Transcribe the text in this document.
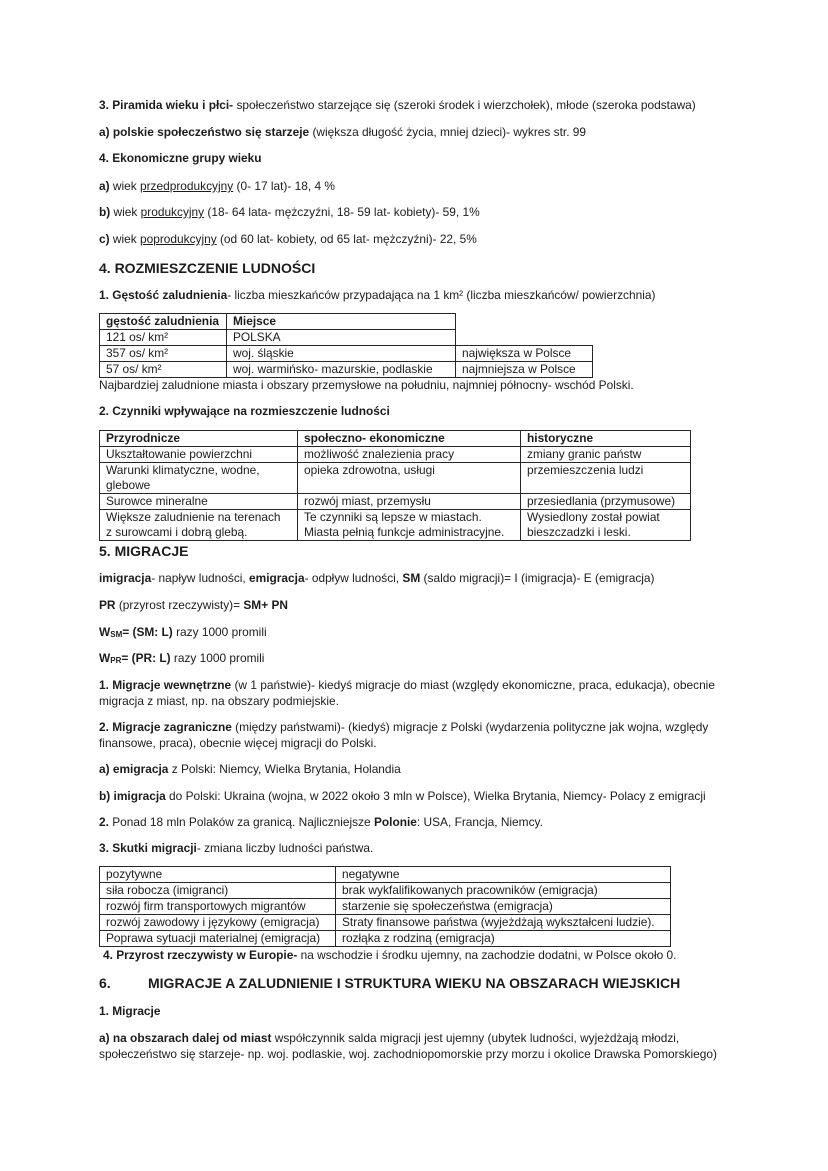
3. Piramida wieku i płci- społeczeństwo starzejące się (szeroki środek i wierzchołek), młode (szeroka podstawa)

a) polskie społeczeństwo się starzeje (większa długość życia, mniej dzieci)- wykres str. 99

4. Ekonomiczne grupy wieku

a) wiek przedprodukcyjny (0- 17 lat)- 18, 4 %

b) wiek produkcyjny (18- 64 lata- mężczyźni, 18- 59 lat- kobiety)- 59, 1%

c) wiek poprodukcyjny (od 60 lat- kobiety, od 65 lat- mężczyźni)- 22, 5%

4. ROZMIESZCZENIE LUDNOŚCI

1. Gęstość zaludnienia- liczba mieszkańców przypadająca na 1 km² (liczba mieszkańców/ powierzchnia)

gęstość zaludnienia	Miejsce	
121 os/ km²	POLSKA	
357 os/ km²	woj. śląskie	największa w Polsce
57 os/ km²	woj. warmińsko- mazurskie, podlaskie	najmniejsza w Polsce

Najbardziej zaludnione miasta i obszary przemysłowe na południu, najmniej północny- wschód Polski.

2. Czynniki wpływające na rozmieszczenie ludności

Przyrodnicze	społeczno- ekonomiczne	historyczne
Ukształtowanie powierzchni	możliwość znalezienia pracy	zmiany granic państw
Warunki klimatyczne, wodne, glebowe	opieka zdrowotna, usługi	przemieszczenia ludzi
Surowce mineralne	rozwój miast, przemysłu	przesiedlania (przymusowe)
Większe zaludnienie na terenach z surowcami i dobrą glebą.	Te czynniki są lepsze w miastach. Miasta pełnią funkcje administracyjne.	Wysiedlony został powiat bieszczadzki i leski.
5. MIGRACJE

imigracja- napływ ludności, emigracja- odpływ ludności, SM (saldo migracji)= I (imigracja)- E (emigracja)

PR (przyrost rzeczywisty)= SM+ PN

$W_{SM}= (SM$: L) razy 1000 promili

$W_{PR}= (PR$: L) razy 1000 promili

1. Migracje wewnętrzne (w 1 państwie)- kiedyś migracje do miast (względy ekonomiczne, praca, edukacja), obecnie migracja z miast, np. na obszary podmiejskie.

2. Migracje zagraniczne (między państwami)- (kiedyś) migracje z Polski (wydarzenia polityczne jak wojna, względy finansowe, praca), obecnie więcej migracji do Polski.

a) emigracja z Polski: Niemcy, Wielka Brytania, Holandia

b) imigracja do Polski: Ukraina (wojna, w 2022 około 3 mln w Polsce), Wielka Brytania, Niemcy- Polacy z emigracji

2. Ponad 18 mln Polaków za granicą. Najliczniejsze Polonie: USA, Francja, Niemcy.

3. Skutki migracji- zmiana liczby ludności państwa.

pozytywne	negatywne
siła robocza (imigranci)	brak wykfalifikowanych pracowników (emigracja)
rozwój firm transportowych migrantów	starzenie się społeczeństwa (emigracja)
rozwój zawodowy i językowy (emigracja)	Straty finansowe państwa (wyjeżdżają wykształceni ludzie).
Poprawa sytuacji materialnej (emigracja)	rozłąka z rodziną (emigracja)

4. Przyrost rzeczywisty w Europie- na wschodzie i środku ujemny, na zachodzie dodatni, w Polsce około 0.

6.	MIGRACJE A ZALUDNIENIE I STRUKTURA WIEKU NA OBSZARACH WIEJSKICH

1. Migracje

a) na obszarach dalej od miast współczynnik salda migracji jest ujemny (ubytek ludności, wyjeżdżają młodzi, społeczeństwo się starzeje- np. woj. podlaskie, woj. zachodniopomorskie przy morzu i okolice Drawska Pomorskiego)
